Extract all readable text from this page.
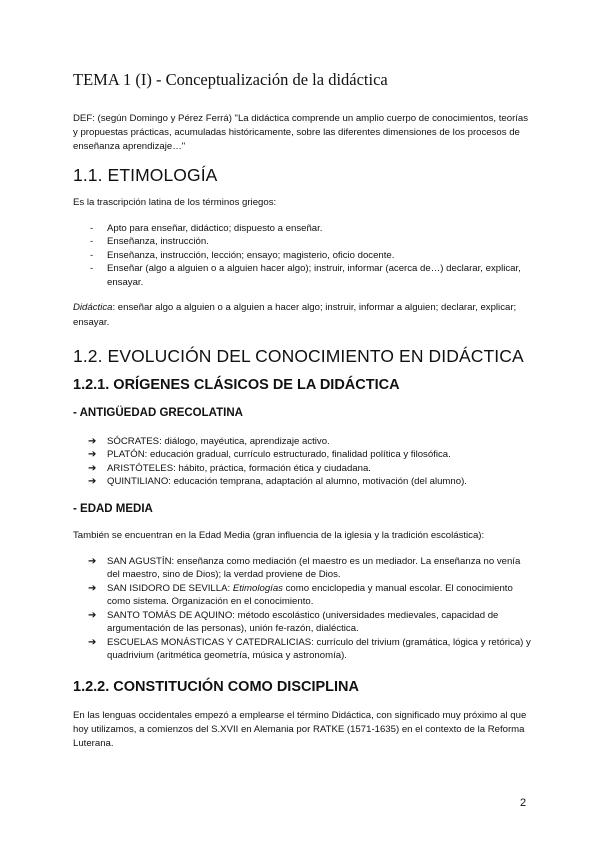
TEMA 1 (I) - Conceptualización de la didáctica

DEF: (según Domingo y Pérez Ferrá) "La didáctica comprende un amplio cuerpo de conocimientos, teorías y propuestas prácticas, acumuladas históricamente, sobre las diferentes dimensiones de los procesos de enseñanza aprendizaje…"

1.1. ETIMOLOGÍA

Es la trascripción latina de los términos griegos:

- Apto para enseñar, didáctico; dispuesto a enseñar.
- Enseñanza, instrucción.
- Enseñanza, instrucción, lección; ensayo; magisterio, oficio docente.
- Enseñar (algo a alguien o a alguien hacer algo); instruir, informar (acerca de…) declarar, explicar, ensayar.

Didáctica: enseñar algo a alguien o a alguien a hacer algo; instruir, informar a alguien; declarar, explicar; ensayar.

1.2. EVOLUCIÓN DEL CONOCIMIENTO EN DIDÁCTICA
1.2.1. ORÍGENES CLÁSICOS DE LA DIDÁCTICA
- ANTIGÜEDAD GRECOLATINA
➔ SÓCRATES: diálogo, mayéutica, aprendizaje activo.
➔ PLATÓN: educación gradual, currículo estructurado, finalidad política y filosófica.
➔ ARISTÓTELES: hábito, práctica, formación ética y ciudadana.
➔ QUINTILIANO: educación temprana, adaptación al alumno, motivación (del alumno).
- EDAD MEDIA

También se encuentran en la Edad Media (gran influencia de la iglesia y la tradición escolástica):

➔ SAN AGUSTÍN: enseñanza como mediación (el maestro es un mediador. La enseñanza no venía del maestro, sino de Dios); la verdad proviene de Dios.
➔ SAN ISIDORO DE SEVILLA: Etimologías como enciclopedia y manual escolar. El conocimiento como sistema. Organización en el conocimiento.
➔ SANTO TOMÁS DE AQUINO: método escolástico (universidades medievales, capacidad de argumentación de las personas), unión fe-razón, dialéctica.
➔ ESCUELAS MONÁSTICAS Y CATEDRALICIAS: currículo del trivium (gramática, lógica y retórica) y quadrivium (aritmética geometría, música y astronomía).
1.2.2. CONSTITUCIÓN COMO DISCIPLINA

En las lenguas occidentales empezó a emplearse el término Didáctica, con significado muy próximo al que hoy utilizamos, a comienzos del S.XVII en Alemania por RATKE (1571-1635) en el contexto de la Reforma Luterana.

2
